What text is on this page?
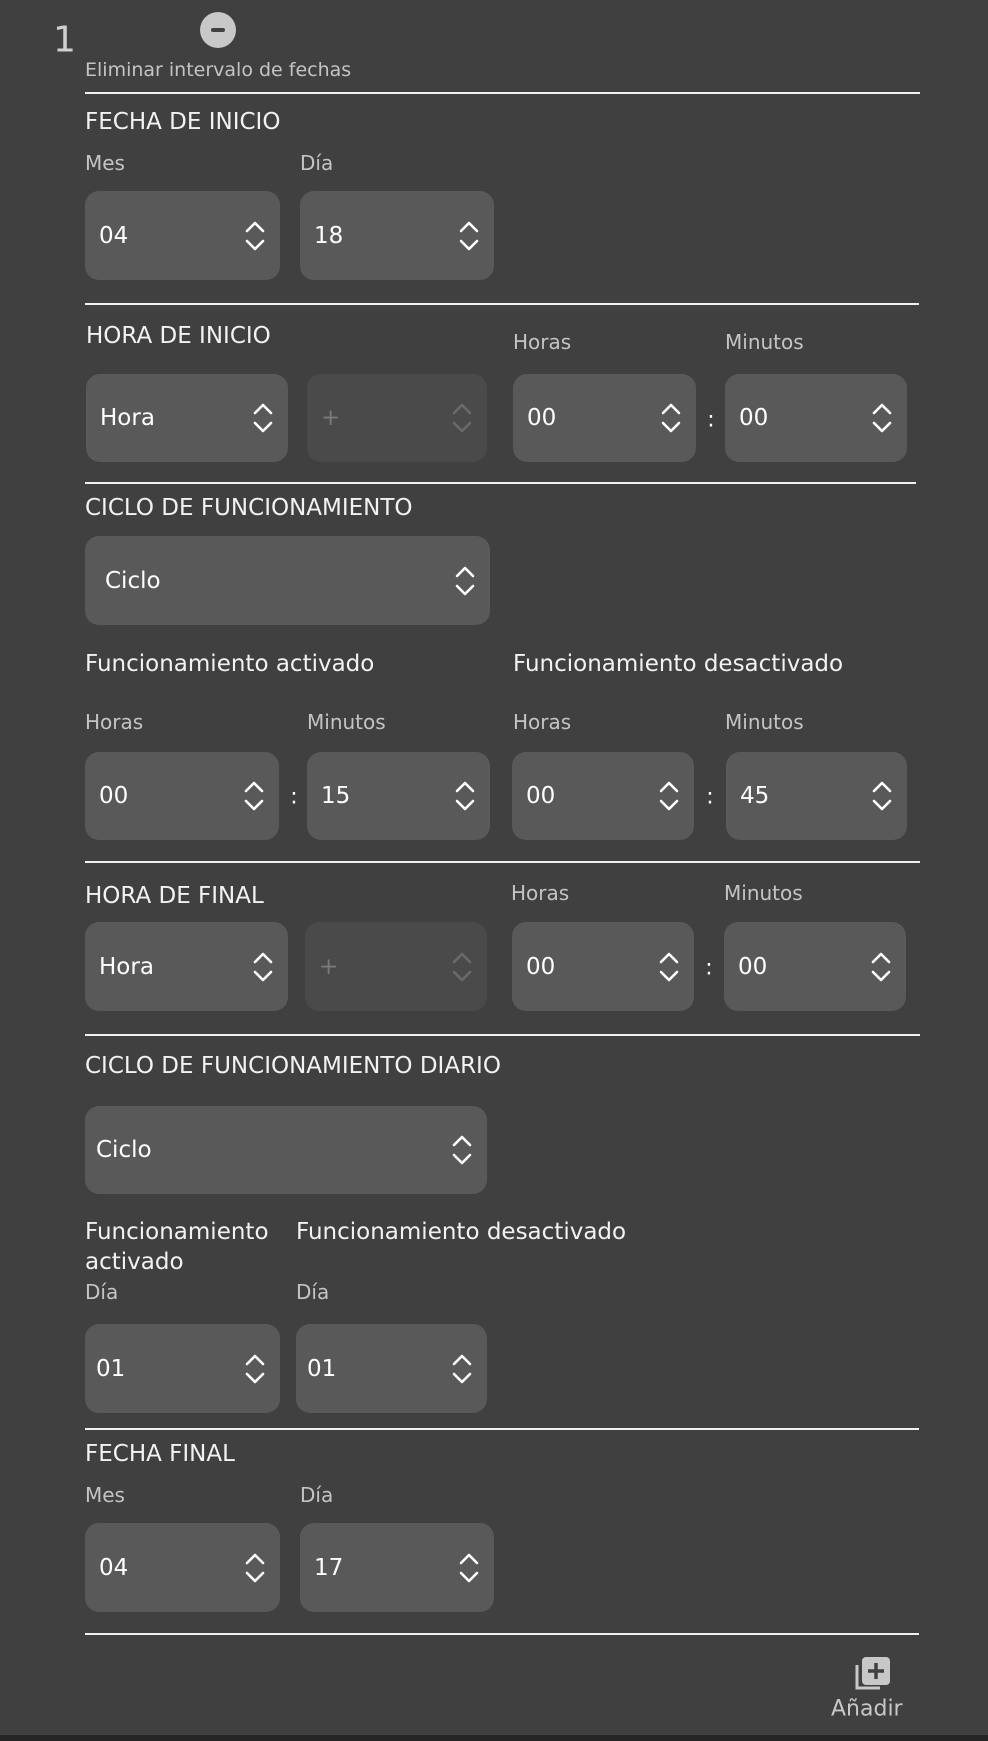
1
Eliminar intervalo de fechas
FECHA DE INICIO
Mes	Día
04	18
HORA DE INICIO	Horas	Minutos
Hora	+	00	: 00
CICLO DE FUNCIONAMIENTO
Ciclo
Funcionamiento activado	Funcionamiento desactivado
Horas	Minutos	Horas	Minutos
00	: 15	00	: 45
HORA DE FINAL	Horas	Minutos
Hora	+	00	: 00
CICLO DE FUNCIONAMIENTO DIARIO
Ciclo
Funcionamiento
activado
Funcionamiento desactivado
Día	Día
01	01
FECHA FINAL
Mes	Día
04	17
Añadir
